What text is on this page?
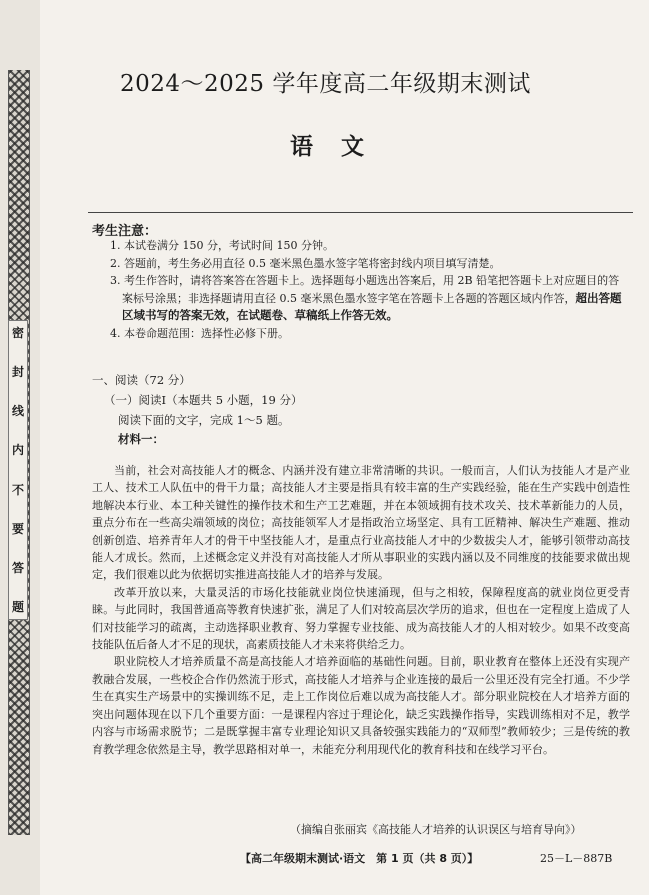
密
封
线
内
不
要
答
题
2024～2025 学年度高二年级期末测试
语文
考生注意：
1. 本试卷满分 150 分，考试时间 150 分钟。
2. 答题前，考生务必用直径 0.5 毫米黑色墨水签字笔将密封线内项目填写清楚。
3. 考生作答时，请将答案答在答题卡上。选择题每小题选出答案后，用 2B 铅笔把答题卡上对应题目的答案标号涂黑；非选择题请用直径 0.5 毫米黑色墨水签字笔在答题卡上各题的答题区域内作答，超出答题区域书写的答案无效，在试题卷、草稿纸上作答无效。
4. 本卷命题范围：选择性必修下册。
一、阅读（72 分）
（一）阅读Ⅰ（本题共 5 小题，19 分）
阅读下面的文字，完成 1～5 题。
材料一：
当前，社会对高技能人才的概念、内涵并没有建立非常清晰的共识。一般而言，人们认为技能人才是产业工人、技术工人队伍中的骨干力量；高技能人才主要是指具有较丰富的生产实践经验，能在生产实践中创造性地解决本行业、本工种关键性的操作技术和生产工艺难题，并在本领域拥有技术攻关、技术革新能力的人员，重点分布在一些高尖端领域的岗位；高技能领军人才是指政治立场坚定、具有工匠精神、解决生产难题、推动创新创造、培养青年人才的骨干中坚技能人才，是重点行业高技能人才中的少数拔尖人才，能够引领带动高技能人才成长。然而，上述概念定义并没有对高技能人才所从事职业的实践内涵以及不同维度的技能要求做出规定，我们很难以此为依据切实推进高技能人才的培养与发展。
改革开放以来，大量灵活的市场化技能就业岗位快速涌现，但与之相较，保障程度高的就业岗位更受青睐。与此同时，我国普通高等教育快速扩张，满足了人们对较高层次学历的追求，但也在一定程度上造成了人们对技能学习的疏离，主动选择职业教育、努力掌握专业技能、成为高技能人才的人相对较少。如果不改变高技能队伍后备人才不足的现状，高素质技能人才未来将供给乏力。
职业院校人才培养质量不高是高技能人才培养面临的基础性问题。目前，职业教育在整体上还没有实现产教融合发展，一些校企合作仍然流于形式，高技能人才培养与企业连接的最后一公里还没有完全打通。不少学生在真实生产场景中的实操训练不足，走上工作岗位后难以成为高技能人才。部分职业院校在人才培养方面的突出问题体现在以下几个重要方面：一是课程内容过于理论化，缺乏实践操作指导，实践训练相对不足，教学内容与市场需求脱节；二是既掌握丰富专业理论知识又具备较强实践能力的“双师型”教师较少；三是传统的教育教学理念依然是主导，教学思路相对单一，未能充分利用现代化的教育科技和在线学习平台。
（摘编自张丽宾《高技能人才培养的认识误区与培育导向》）
【高二年级期末测试·语文　第 1 页（共 8 页）】	25－L－887B
